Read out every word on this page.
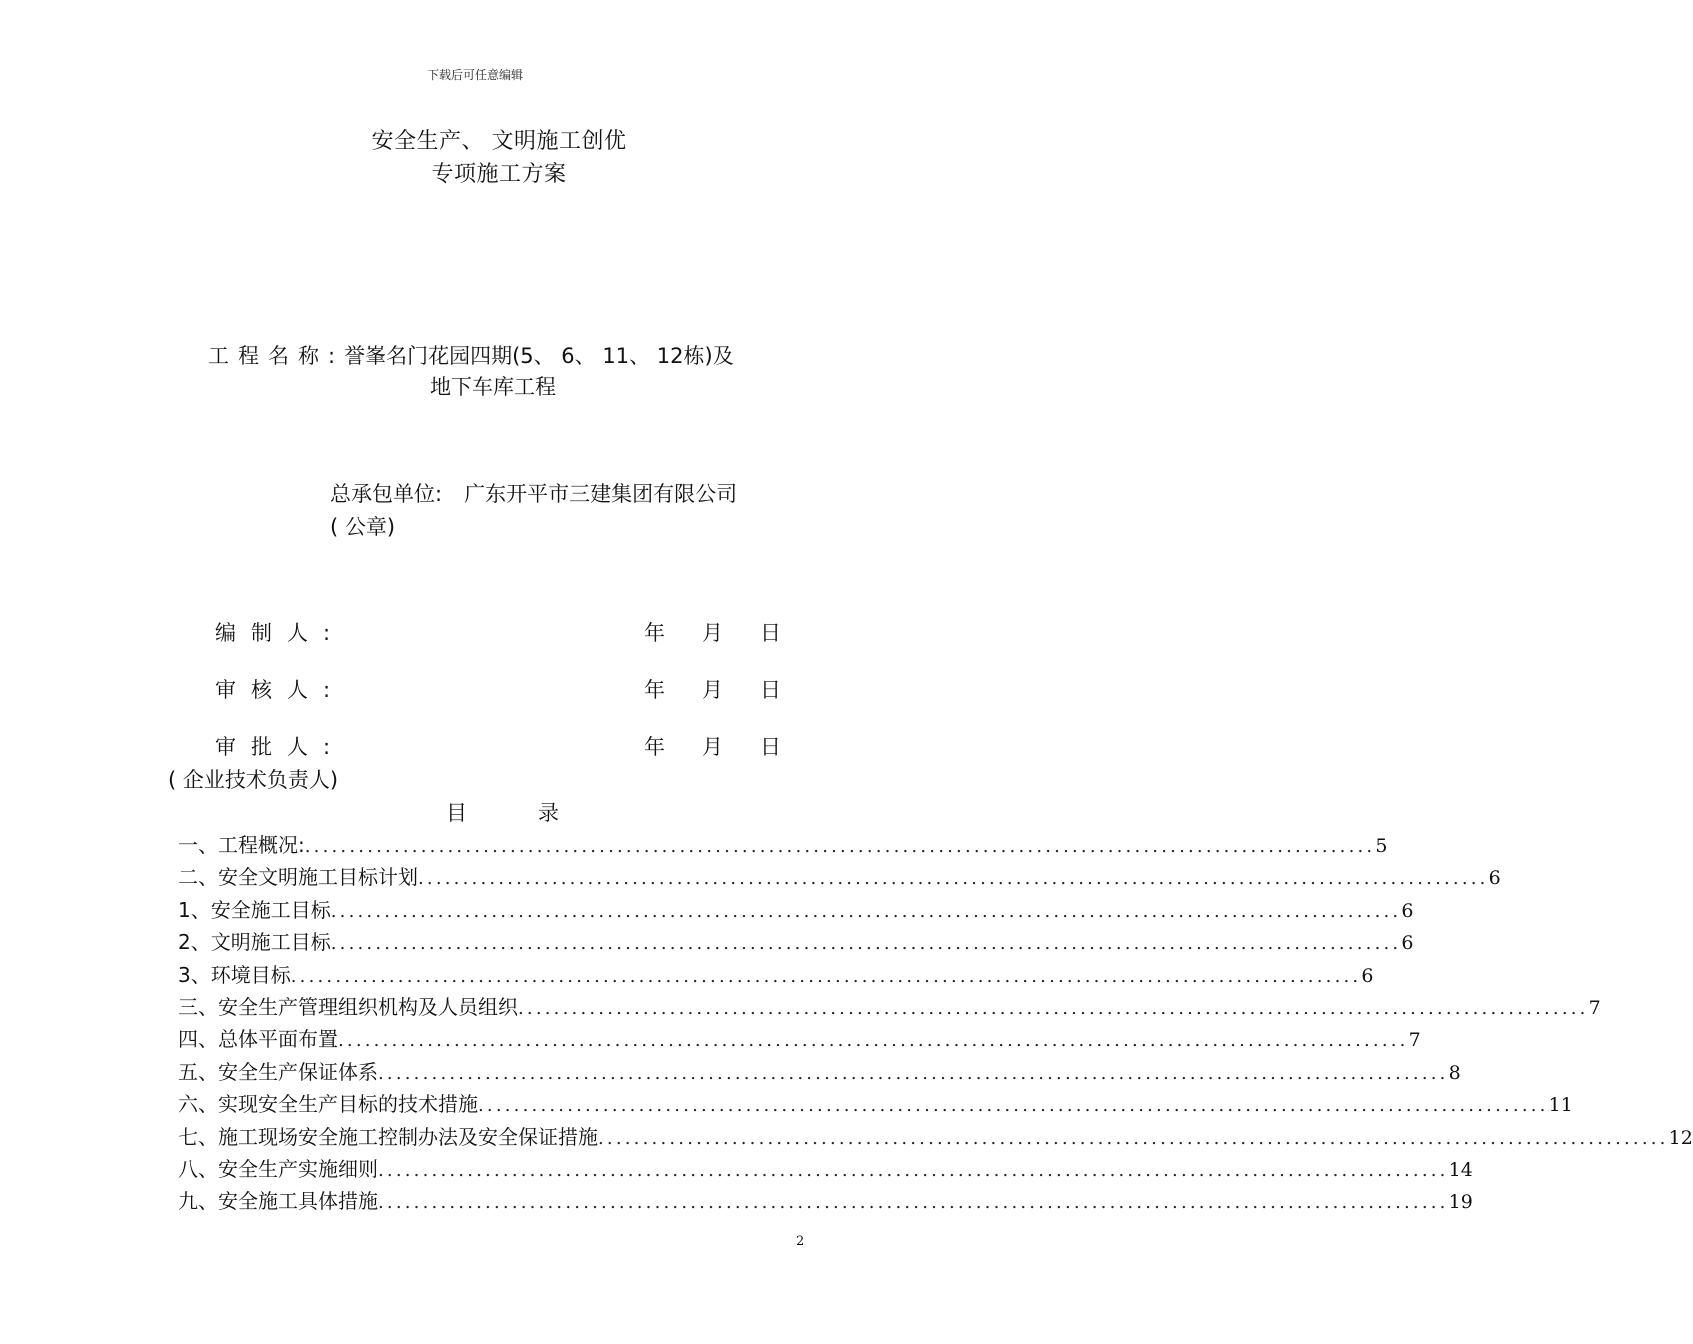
下载后可任意编辑
安全生产、 文明施工创优
专项施工方案
工程名称:誉峯名门花园四期(5、 6、 11、 12栋)及
地下车库工程
总承包单位: 广东开平市三建集团有限公司
( 公章)
编制人:	年 月 日
审核人:	年 月 日
审批人:	年 月 日
( 企业技术负责人)
目	录
一、 工程概况: ........................................................................................................................ 5
二、 安全文明施工目标计划 ........................................................................................................................ 6
1、 安全施工目标 ........................................................................................................................ 6
2、 文明施工目标 ........................................................................................................................ 6
3、 环境目标 ........................................................................................................................ 6
三、 安全生产管理组织机构及人员组织 ........................................................................................................................ 7
四、 总体平面布置 ........................................................................................................................ 7
五、 安全生产保证体系 ........................................................................................................................ 8
六、 实现安全生产目标的技术措施 ........................................................................................................................ 11
七、 施工现场安全施工控制办法及安全保证措施 ........................................................................................................................ 12
八、 安全生产实施细则 ........................................................................................................................ 14
九、 安全施工具体措施 ........................................................................................................................ 19
2
